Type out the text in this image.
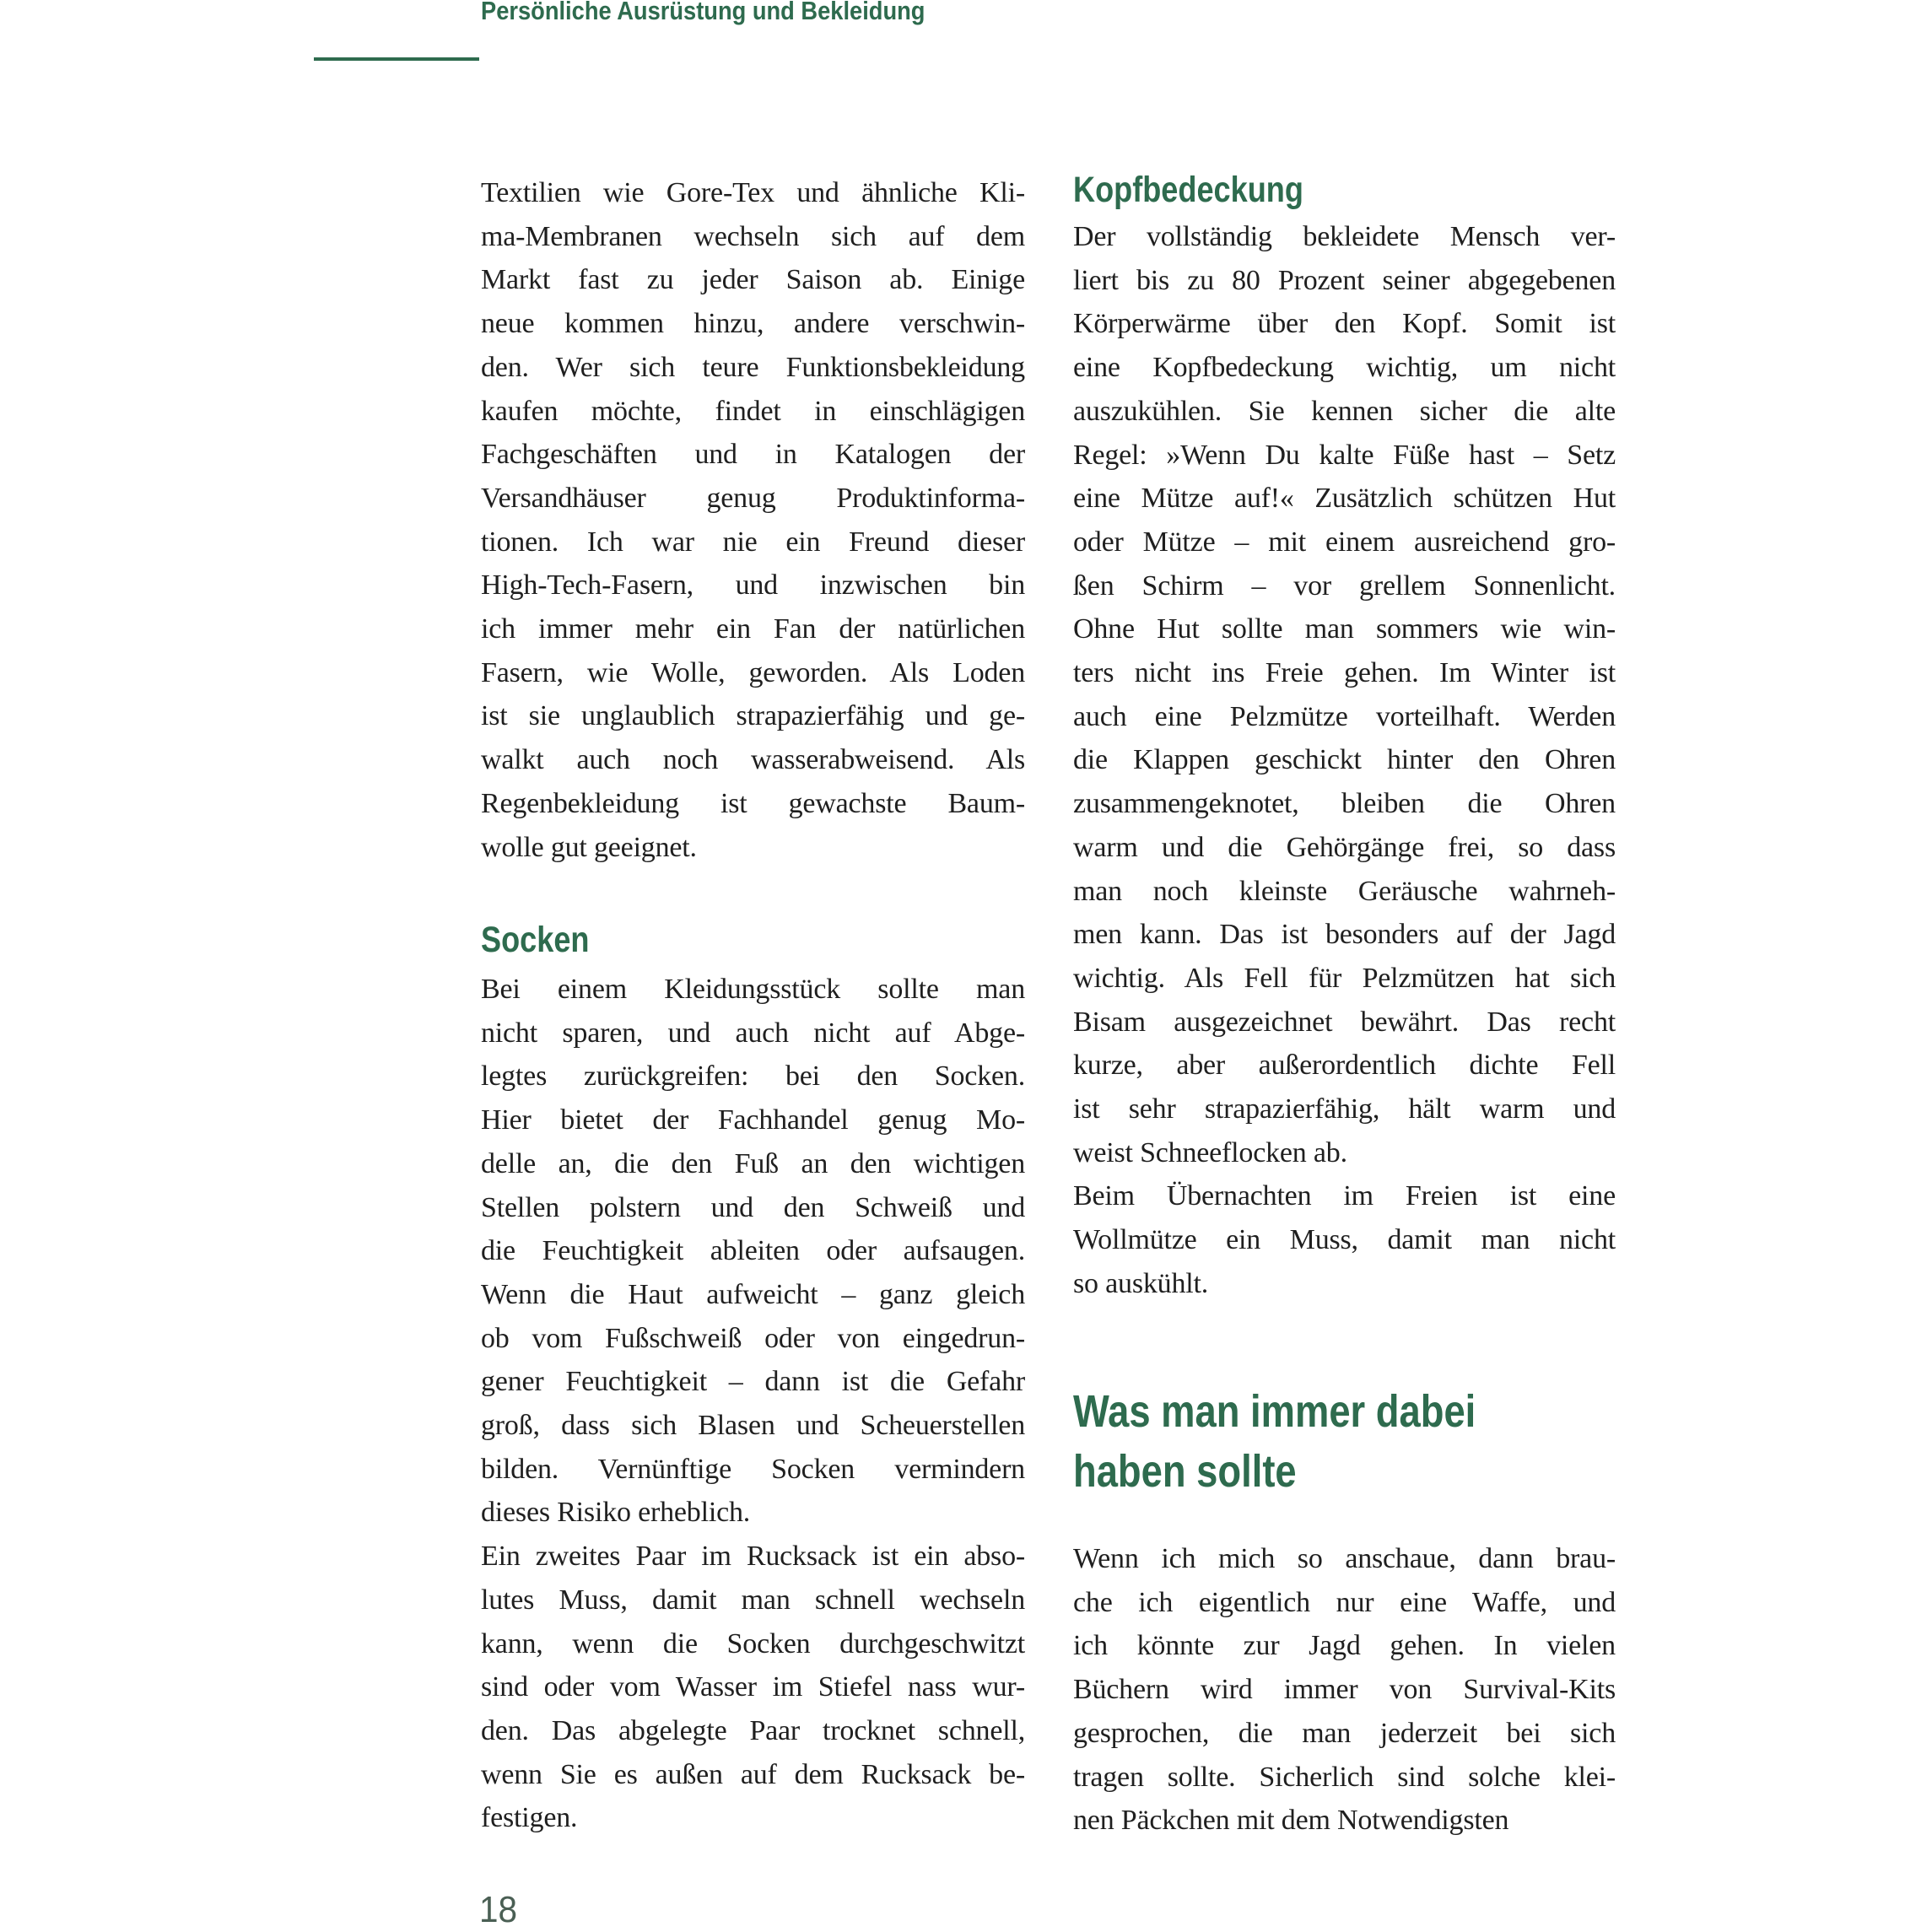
Persönliche Ausrüstung und Bekleidung
Textilien wie Gore-Tex und ähnliche Kli-
ma-Membranen wechseln sich auf dem
Markt fast zu jeder Saison ab. Einige
neue kommen hinzu, andere verschwin-
den. Wer sich teure Funktionsbekleidung
kaufen möchte, findet in einschlägigen
Fachgeschäften und in Katalogen der
Versandhäuser genug Produktinforma-
tionen. Ich war nie ein Freund dieser
High-Tech-Fasern, und inzwischen bin
ich immer mehr ein Fan der natürlichen
Fasern, wie Wolle, geworden. Als Loden
ist sie unglaublich strapazierfähig und ge-
walkt auch noch wasserabweisend. Als
Regenbekleidung ist gewachste Baum-
wolle gut geeignet.
Socken
Bei einem Kleidungsstück sollte man
nicht sparen, und auch nicht auf Abge-
legtes zurückgreifen: bei den Socken.
Hier bietet der Fachhandel genug Mo-
delle an, die den Fuß an den wichtigen
Stellen polstern und den Schweiß und
die Feuchtigkeit ableiten oder aufsaugen.
Wenn die Haut aufweicht – ganz gleich
ob vom Fußschweiß oder von eingedrun-
gener Feuchtigkeit – dann ist die Gefahr
groß, dass sich Blasen und Scheuerstellen
bilden. Vernünftige Socken vermindern
dieses Risiko erheblich.
Ein zweites Paar im Rucksack ist ein abso-
lutes Muss, damit man schnell wechseln
kann, wenn die Socken durchgeschwitzt
sind oder vom Wasser im Stiefel nass wur-
den. Das abgelegte Paar trocknet schnell,
wenn Sie es außen auf dem Rucksack be-
festigen.
Kopfbedeckung
Der vollständig bekleidete Mensch ver-
liert bis zu 80 Prozent seiner abgegebenen
Körperwärme über den Kopf. Somit ist
eine Kopfbedeckung wichtig, um nicht
auszukühlen. Sie kennen sicher die alte
Regel: »Wenn Du kalte Füße hast – Setz
eine Mütze auf!« Zusätzlich schützen Hut
oder Mütze – mit einem ausreichend gro-
ßen Schirm – vor grellem Sonnenlicht.
Ohne Hut sollte man sommers wie win-
ters nicht ins Freie gehen. Im Winter ist
auch eine Pelzmütze vorteilhaft. Werden
die Klappen geschickt hinter den Ohren
zusammengeknotet, bleiben die Ohren
warm und die Gehörgänge frei, so dass
man noch kleinste Geräusche wahrneh-
men kann. Das ist besonders auf der Jagd
wichtig. Als Fell für Pelzmützen hat sich
Bisam ausgezeichnet bewährt. Das recht
kurze, aber außerordentlich dichte Fell
ist sehr strapazierfähig, hält warm und
weist Schneeflocken ab.
Beim Übernachten im Freien ist eine
Wollmütze ein Muss, damit man nicht
so auskühlt.
Was man immer dabei
haben sollte
Wenn ich mich so anschaue, dann brau-
che ich eigentlich nur eine Waffe, und
ich könnte zur Jagd gehen. In vielen
Büchern wird immer von Survival-Kits
gesprochen, die man jederzeit bei sich
tragen sollte. Sicherlich sind solche klei-
nen Päckchen mit dem Notwendigsten
18
